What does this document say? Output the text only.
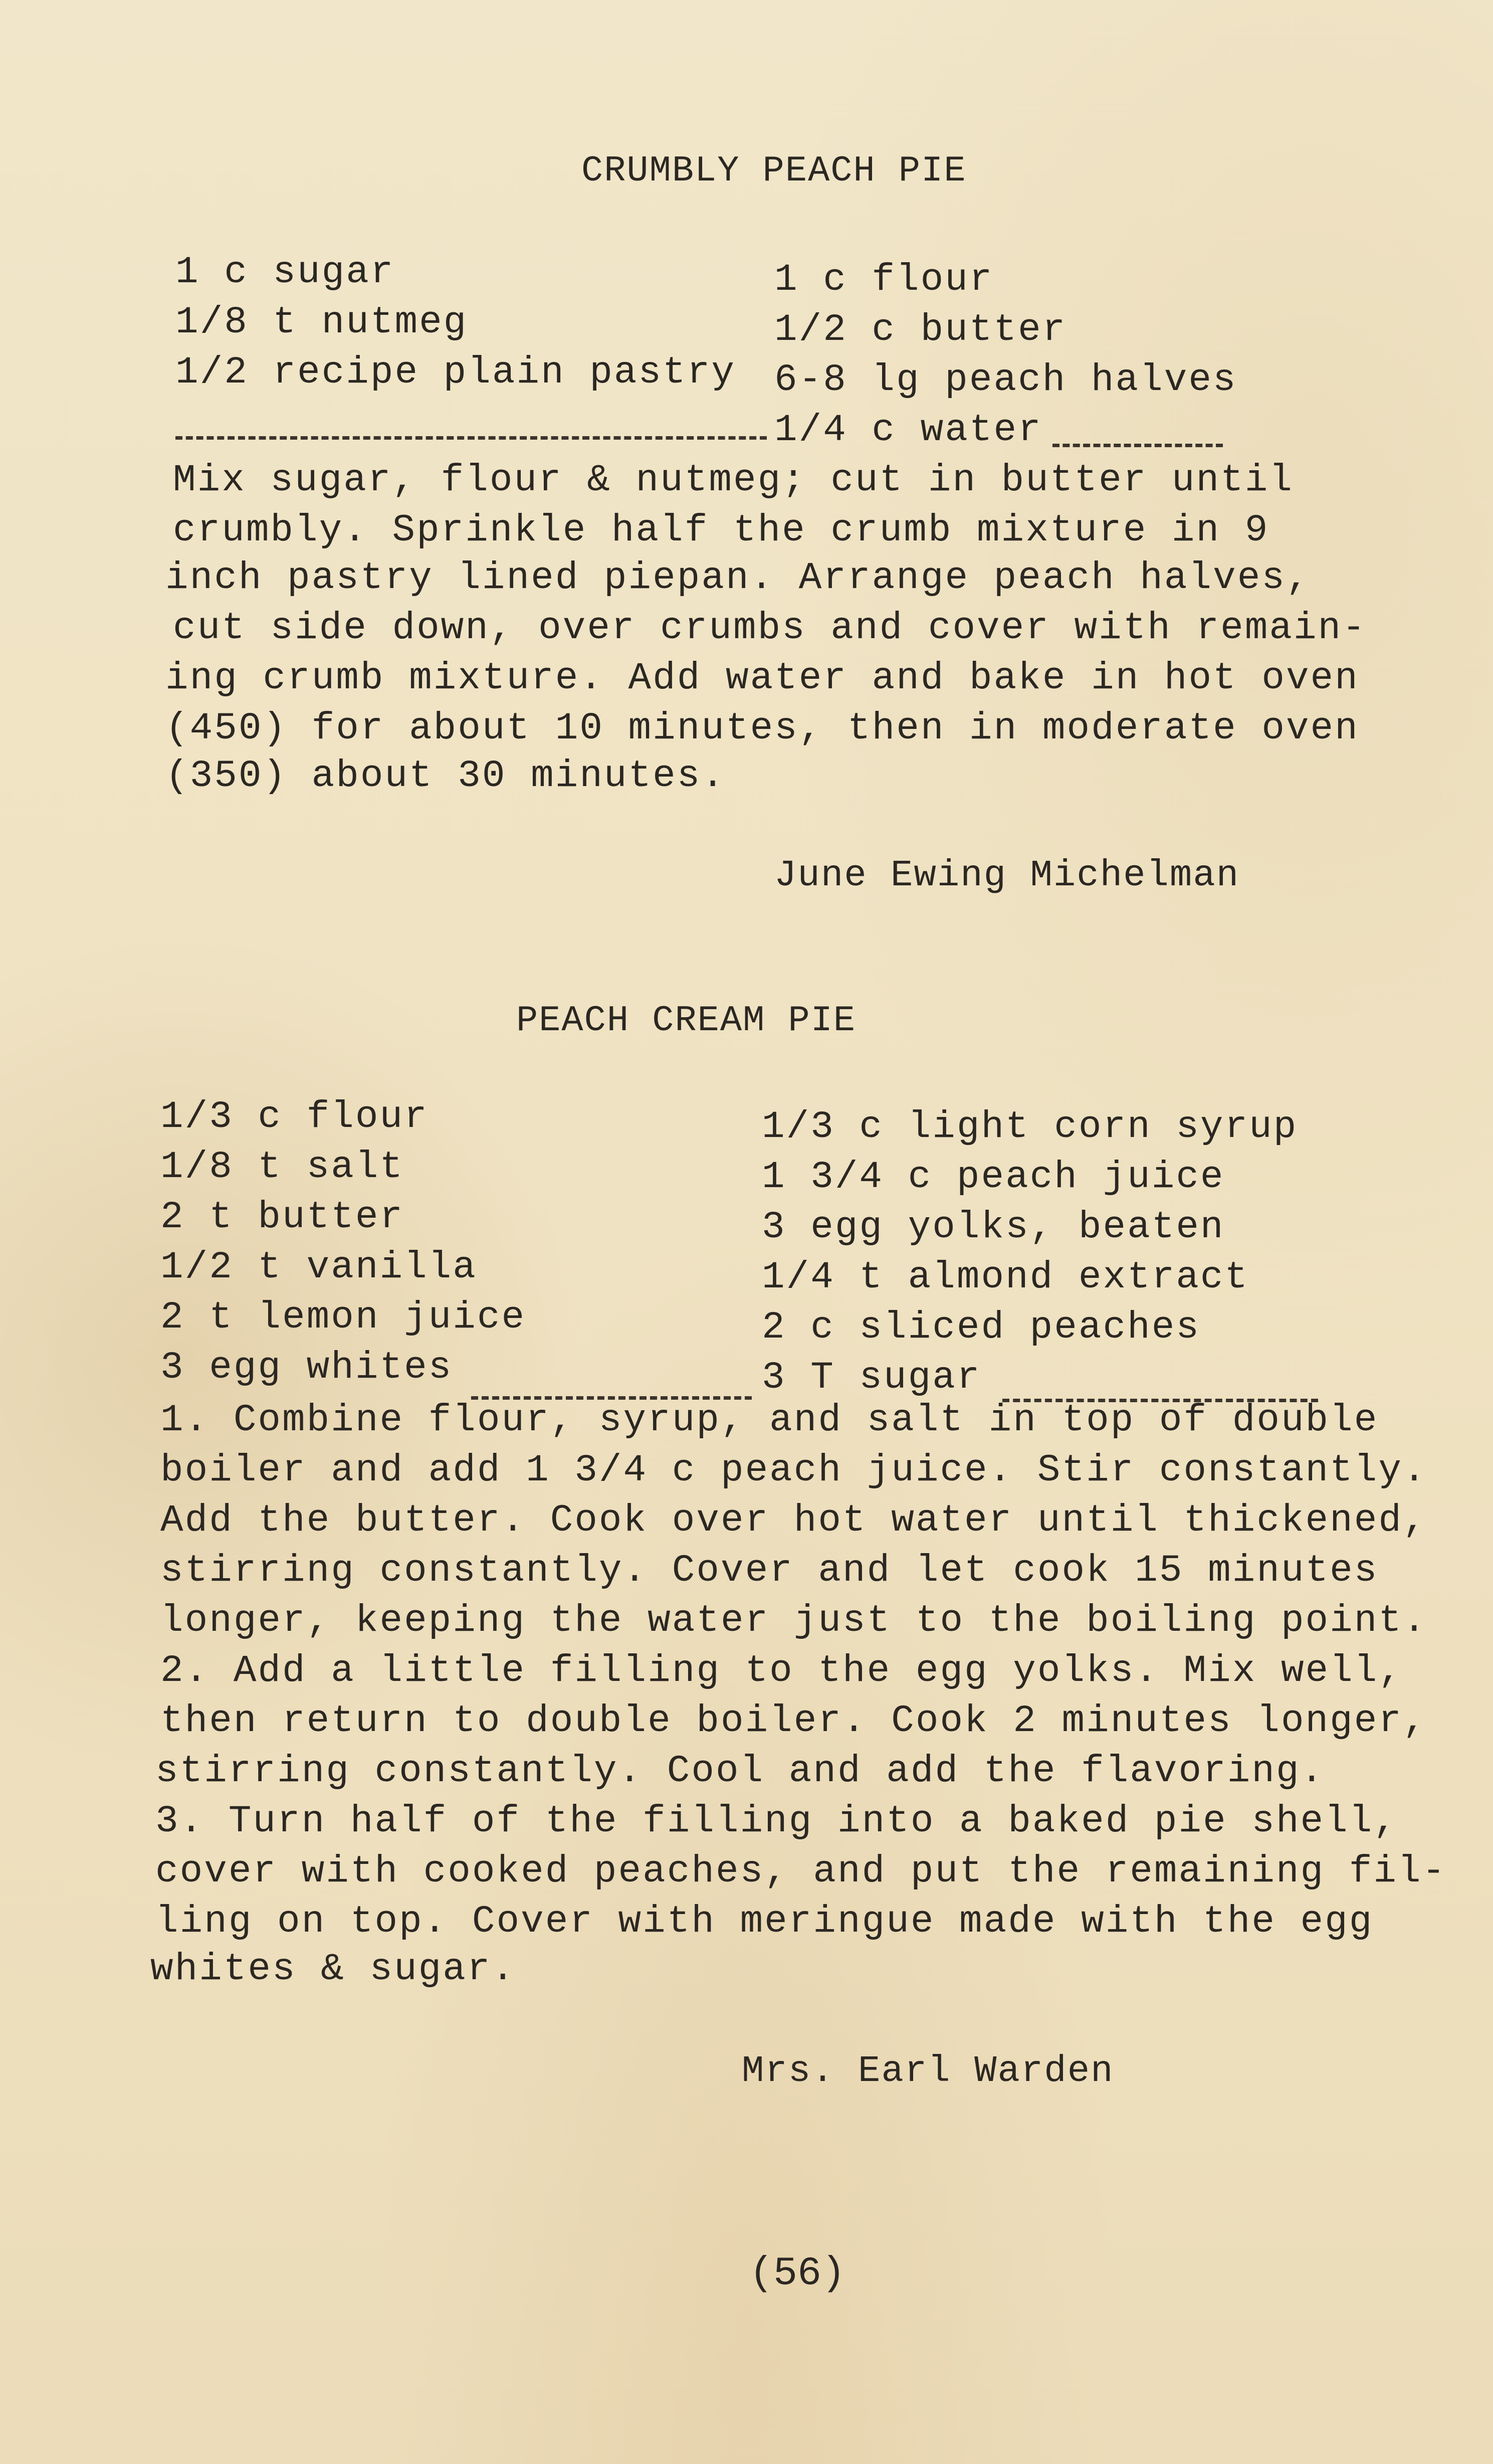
CRUMBLY PEACH PIE
1 c sugar
1/8 t nutmeg
1/2 recipe plain pastry
1 c flour
1/2 c butter
6-8 lg peach halves
1/4 c water
Mix sugar, flour & nutmeg; cut in butter until
crumbly. Sprinkle half the crumb mixture in 9
inch pastry lined piepan. Arrange peach halves,
cut side down, over crumbs and cover with remain-
ing crumb mixture. Add water and bake in hot oven
(450) for about 10 minutes, then in moderate oven
(350) about 30 minutes.
June Ewing Michelman
PEACH CREAM PIE
1/3 c flour
1/8 t salt
2 t butter
1/2 t vanilla
2 t lemon juice
3 egg whites
1/3 c light corn syrup
1 3/4 c peach juice
3 egg yolks, beaten
1/4 t almond extract
2 c sliced peaches
3 T sugar
1. Combine flour, syrup, and salt in top of double
boiler and add 1 3/4 c peach juice. Stir constantly.
Add the butter. Cook over hot water until thickened,
stirring constantly. Cover and let cook 15 minutes
longer, keeping the water just to the boiling point.
2. Add a little filling to the egg yolks. Mix well,
then return to double boiler. Cook 2 minutes longer,
stirring constantly. Cool and add the flavoring.
3. Turn half of the filling into a baked pie shell,
cover with cooked peaches, and put the remaining fil-
ling on top. Cover with meringue made with the egg
whites & sugar.
Mrs. Earl Warden
(56)
